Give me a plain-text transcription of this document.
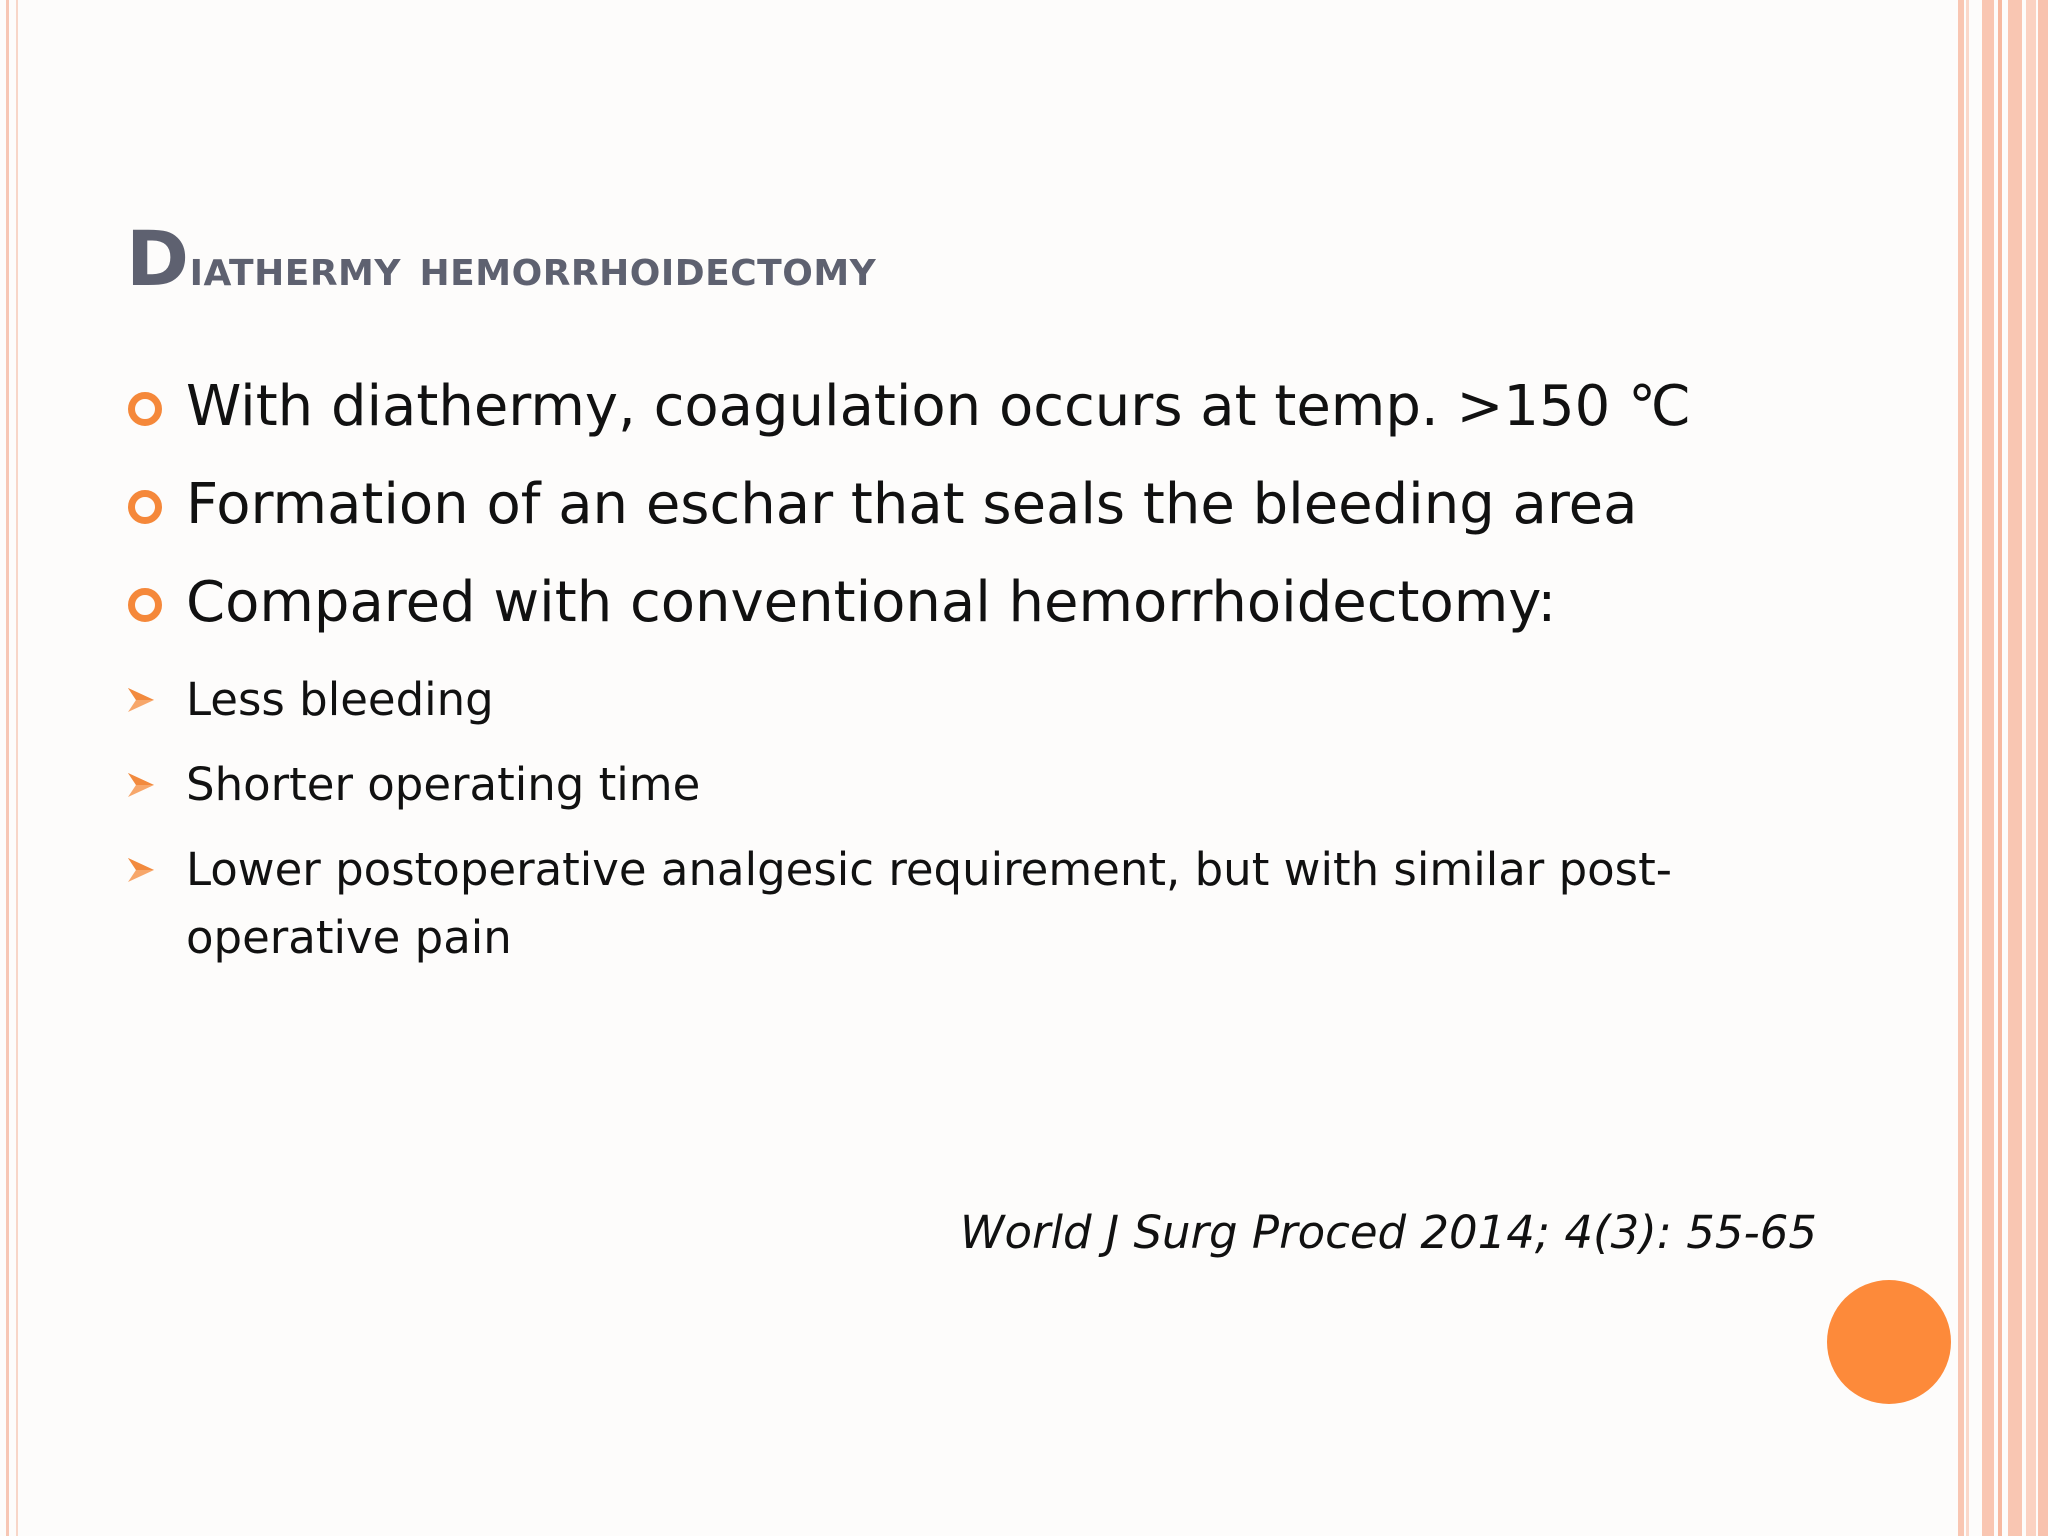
Diathermy hemorrhoidectomy
With diathermy, coagulation occurs at temp. >150 ℃
Formation of an eschar that seals the bleeding area
Compared with conventional hemorrhoidectomy:
Less bleeding
Shorter operating time
Lower postoperative analgesic requirement, but with similar post-operative pain
World J Surg Proced 2014; 4(3): 55-65
